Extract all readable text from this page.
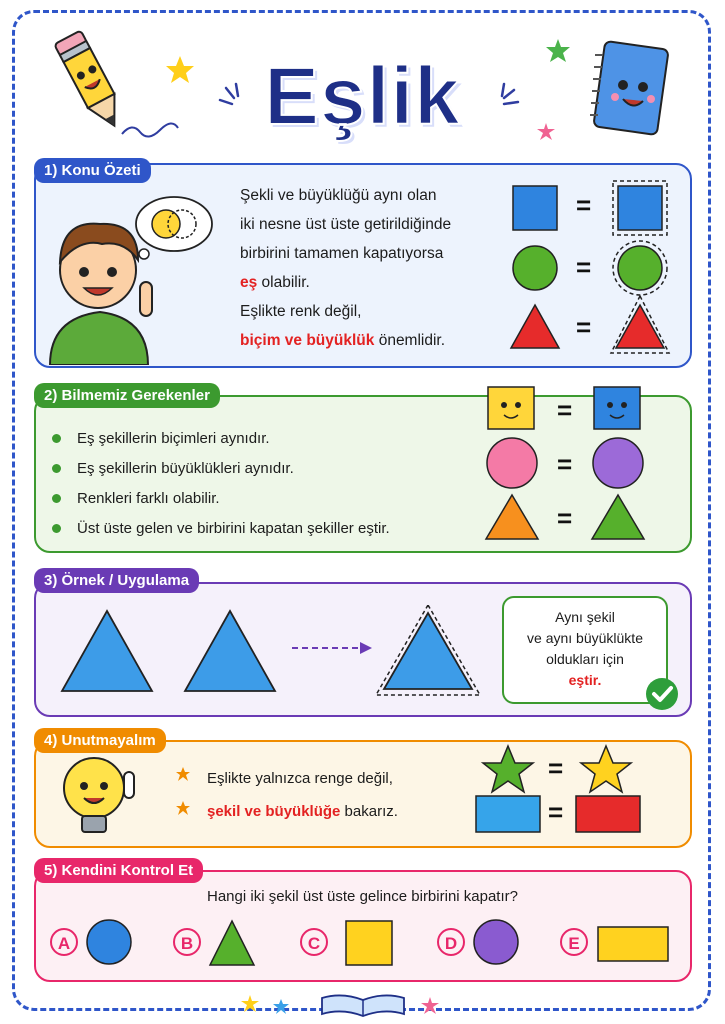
Eşlik
1) Konu Özeti
Şekli ve büyüklüğü aynı olan
iki nesne üst üste getirildiğinde
birbirini tamamen kapatıyorsa
eş olabilir.
Eşlikte renk değil,
biçim ve büyüklük önemlidir.
=
=
=
2) Bilmemiz Gerekenler
Eş şekillerin biçimleri aynıdır.
Eş şekillerin büyüklükleri aynıdır.
Renkleri farklı olabilir.
Üst üste gelen ve birbirini kapatan şekiller eştir.
=
=
=
3) Örnek / Uygulama
Aynı şekil
ve aynı büyüklükte
oldukları için
eştir.
4) Unutmayalım
Eşlikte yalnızca renge değil,
şekil ve büyüklüğe bakarız.
=
=
5) Kendini Kontrol Et
Hangi iki şekil üst üste gelince birbirini kapatır?
A	B	C	D	E
